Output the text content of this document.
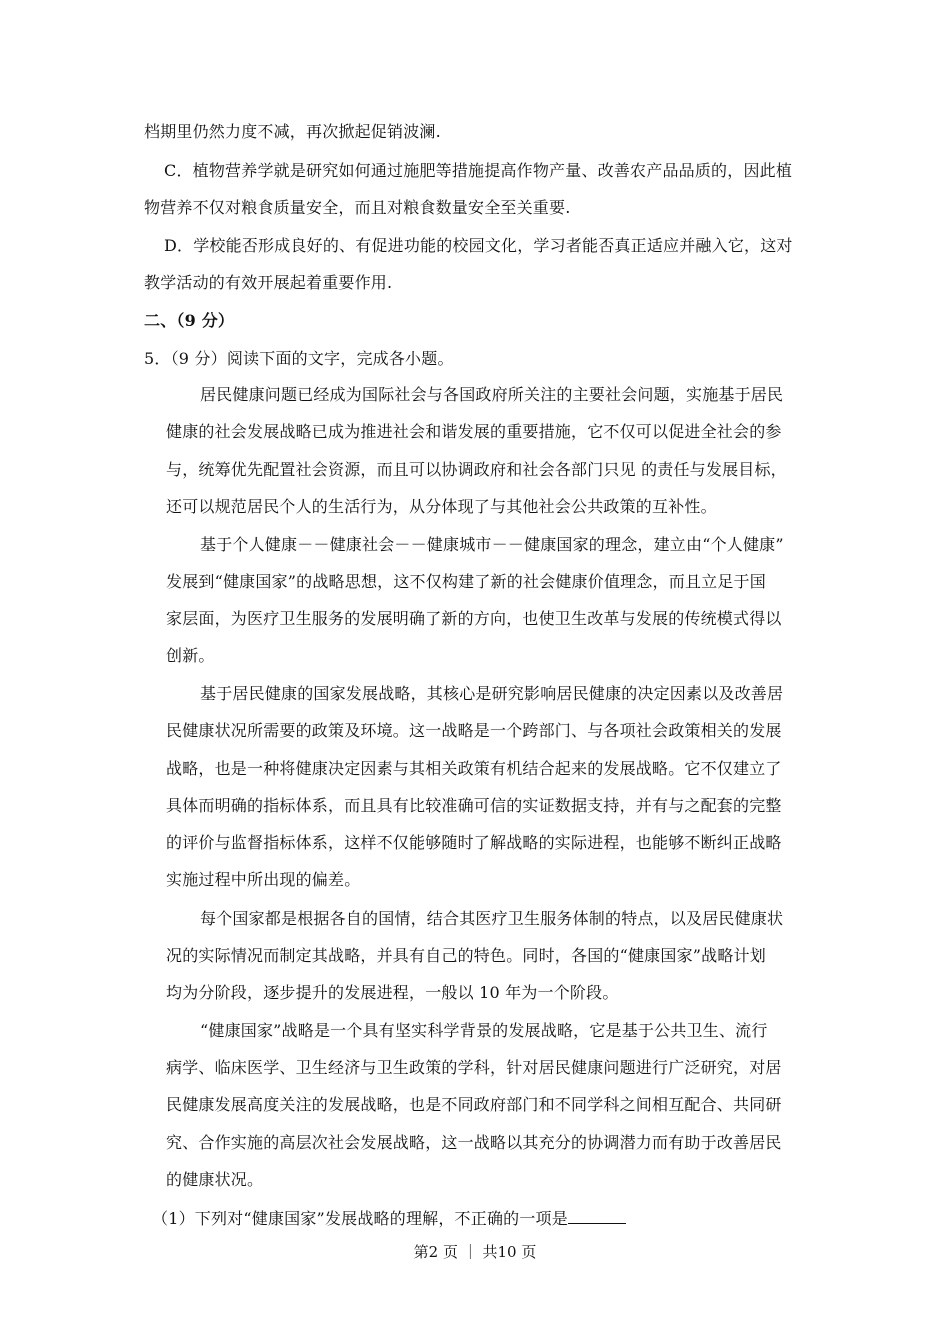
档期里仍然力度不减，再次掀起促销波澜.
C．植物营养学就是研究如何通过施肥等措施提高作物产量、改善农产品品质的，因此植
物营养不仅对粮食质量安全，而且对粮食数量安全至关重要.
D．学校能否形成良好的、有促进功能的校园文化，学习者能否真正适应并融入它，这对
教学活动的有效开展起着重要作用.
二、（9 分）
5．（9 分）阅读下面的文字，完成各小题。
居民健康问题已经成为国际社会与各国政府所关注的主要社会问题，实施基于居民
健康的社会发展战略已成为推进社会和谐发展的重要措施，它不仅可以促进全社会的参
与，统筹优先配置社会资源，而且可以协调政府和社会各部门只见 的责任与发展目标，
还可以规范居民个人的生活行为，从分体现了与其他社会公共政策的互补性。
基于个人健康－－健康社会－－健康城市－－健康国家的理念，建立由“个人健康”
发展到“健康国家”的战略思想，这不仅构建了新的社会健康价值理念，而且立足于国
家层面，为医疗卫生服务的发展明确了新的方向，也使卫生改革与发展的传统模式得以
创新。
基于居民健康的国家发展战略，其核心是研究影响居民健康的决定因素以及改善居
民健康状况所需要的政策及环境。这一战略是一个跨部门、与各项社会政策相关的发展
战略，也是一种将健康决定因素与其相关政策有机结合起来的发展战略。它不仅建立了
具体而明确的指标体系，而且具有比较准确可信的实证数据支持，并有与之配套的完整
的评价与监督指标体系，这样不仅能够随时了解战略的实际进程，也能够不断纠正战略
实施过程中所出现的偏差。
每个国家都是根据各自的国情，结合其医疗卫生服务体制的特点，以及居民健康状
况的实际情况而制定其战略，并具有自己的特色。同时，各国的“健康国家”战略计划
均为分阶段，逐步提升的发展进程，一般以 10 年为一个阶段。
“健康国家”战略是一个具有坚实科学背景的发展战略，它是基于公共卫生、流行
病学、临床医学、卫生经济与卫生政策的学科，针对居民健康问题进行广泛研究，对居
民健康发展高度关注的发展战略，也是不同政府部门和不同学科之间相互配合、共同研
究、合作实施的高层次社会发展战略，这一战略以其充分的协调潜力而有助于改善居民
的健康状况。
（1）下列对“健康国家”发展战略的理解，不正确的一项是
第2 页 ｜ 共10 页
